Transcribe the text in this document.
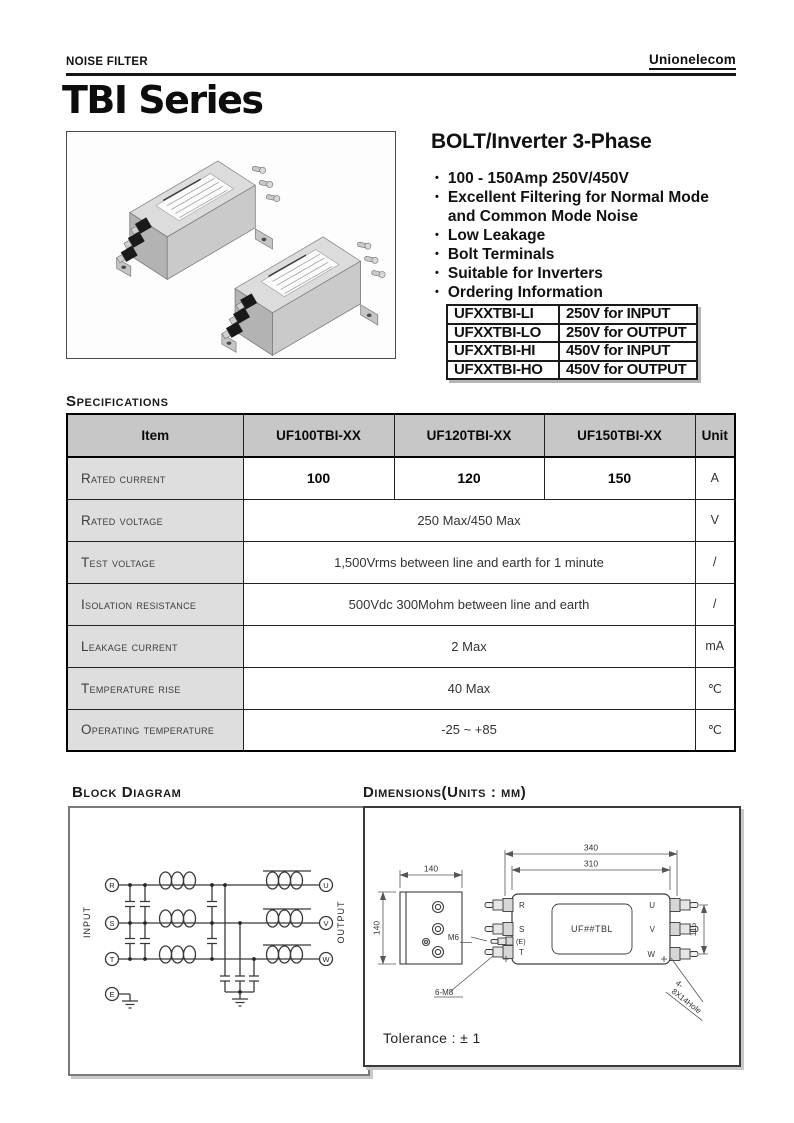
NOISE FILTER	Unionelecom
TBI Series
BOLT/Inverter 3-Phase
• 100 - 150Amp 250V/450V
• Excellent Filtering for Normal Mode and Common Mode Noise
• Low Leakage
• Bolt Terminals
• Suitable for Inverters
• Ordering Information
UFXXTBI-LI	250V for INPUT
UFXXTBI-LO	250V for OUTPUT
UFXXTBI-HI	450V for INPUT
UFXXTBI-HO	450V for OUTPUT
Specifications
Item	UF100TBI-XX	UF120TBI-XX	UF150TBI-XX	Unit
Rated current	100	120	150	A
Rated voltage	250 Max/450 Max			V
Test voltage	1,500Vrms between line and earth for 1 minute			/
Isolation resistance	500Vdc 300Mohm between line and earth			/
Leakage current	2 Max			mA
Temperature rise	40 Max			℃
Operating temperature	-25 ~ +85			℃
Block Diagram
R
S
T
E
U
V
W
INPUT	OUTPUT
Dimensions(Units : mm)
140
140
340
310
115
UF##TBL
R
S
(E)
T
U
V
W
M6
6-M8
4-
8X14Hole
Tolerance : ± 1
